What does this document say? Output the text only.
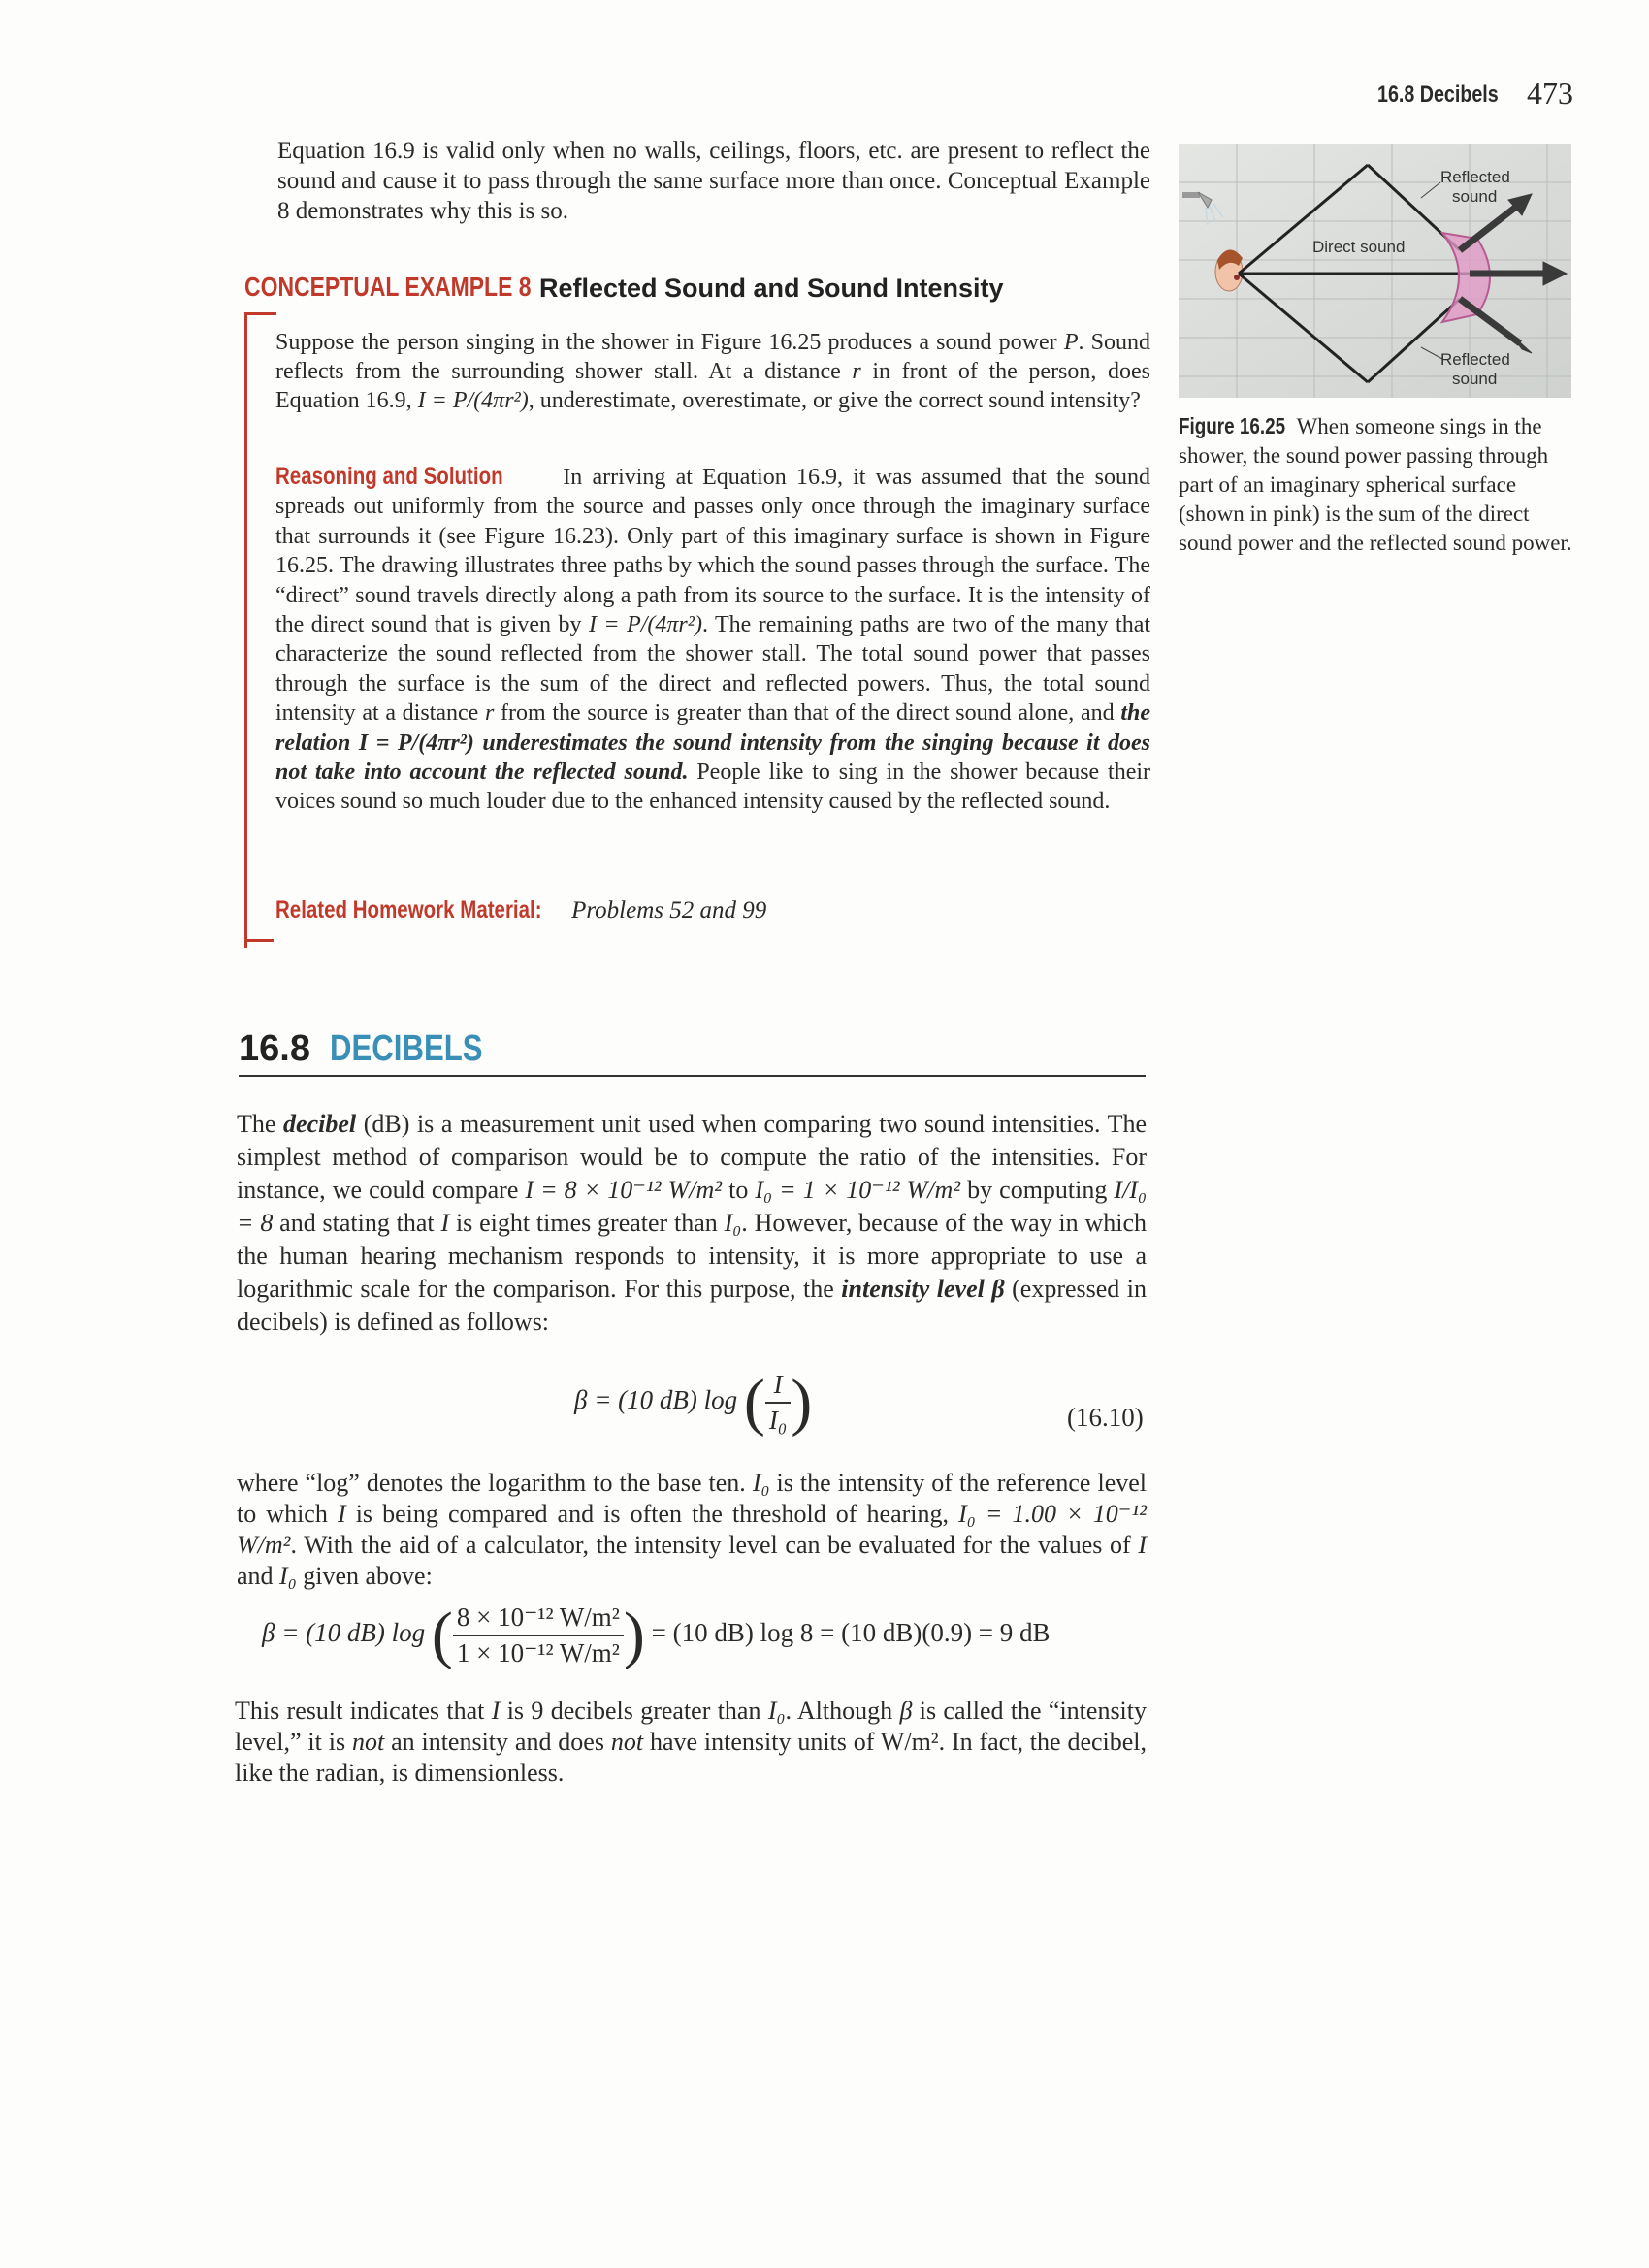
16.8 Decibels 473

Equation 16.9 is valid only when no walls, ceilings, floors, etc. are present to reflect the sound and cause it to pass through the same surface more than once. Conceptual Example 8 demonstrates why this is so.

CONCEPTUAL EXAMPLE 8 Reflected Sound and Sound Intensity

Suppose the person singing in the shower in Figure 16.25 produces a sound power P. Sound reflects from the surrounding shower stall. At a distance r in front of the person, does Equation 16.9, I = P/(4πr²), underestimate, overestimate, or give the correct sound intensity?

Reasoning and Solution In arriving at Equation 16.9, it was assumed that the sound spreads out uniformly from the source and passes only once through the imaginary surface that surrounds it (see Figure 16.23). Only part of this imaginary surface is shown in Figure 16.25. The drawing illustrates three paths by which the sound passes through the surface. The “direct” sound travels directly along a path from its source to the surface. It is the intensity of the direct sound that is given by I = P/(4πr²). The remaining paths are two of the many that characterize the sound reflected from the shower stall. The total sound power that passes through the surface is the sum of the direct and reflected powers. Thus, the total sound intensity at a distance r from the source is greater than that of the direct sound alone, and the relation I = P/(4πr²) underestimates the sound intensity from the singing because it does not take into account the reflected sound. People like to sing in the shower because their voices sound so much louder due to the enhanced intensity caused by the reflected sound.

Related Homework Material: Problems 52 and 99
16.8 DECIBELS

The decibel (dB) is a measurement unit used when comparing two sound intensities. The simplest method of comparison would be to compute the ratio of the intensities. For instance, we could compare I = 8 × 10⁻¹² W/m² to I₀ = 1 × 10⁻¹² W/m² by computing I/I₀ = 8 and stating that I is eight times greater than I₀. However, because of the way in which the human hearing mechanism responds to intensity, it is more appropriate to use a logarithmic scale for the comparison. For this purpose, the intensity level β (expressed in decibels) is defined as follows:

β = (10 dB) log ( $\frac{I}{\text{I₀}}$ )	(16.10)

where “log” denotes the logarithm to the base ten. I₀ is the intensity of the reference level to which I is being compared and is often the threshold of hearing, I₀ = 1.00 × 10⁻¹² W/m². With the aid of a calculator, the intensity level can be evaluated for the values of I and I₀ given above:

β = (10 dB) log ( $\frac{\text{8 × 10⁻¹² W/m²}}{\text{1 × 10⁻¹² W/m²}}$ ) = (10 dB) log 8 = (10 dB)(0.9) = 9 dB

This result indicates that I is 9 decibels greater than I₀. Although β is called the “intensity level,” it is not an intensity and does not have intensity units of W/m². In fact, the decibel, like the radian, is dimensionless.

Reflected sound
Direct sound
Reflected sound
Figure 16.25 When someone sings in the shower, the sound power passing through part of an imaginary spherical surface (shown in pink) is the sum of the direct sound power and the reflected sound power.
